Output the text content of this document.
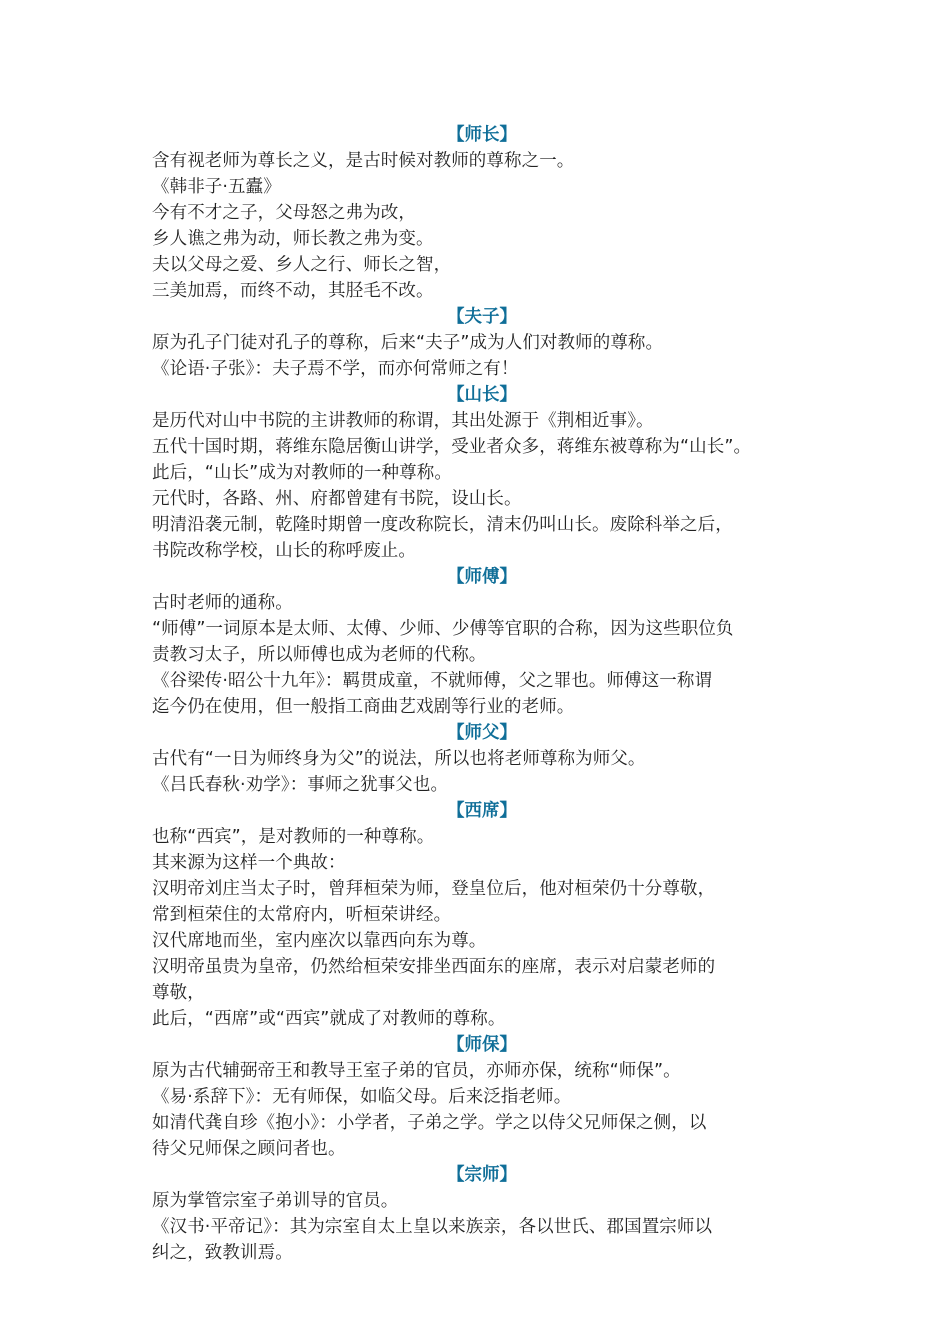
【师长】
含有视老师为尊长之义，是古时候对教师的尊称之一。
《韩非子·五蠹》
今有不才之子，父母怒之弗为改，
乡人谯之弗为动，师长教之弗为变。
夫以父母之爱、乡人之行、师长之智，
三美加焉，而终不动，其胫毛不改。
【夫子】
原为孔子门徒对孔子的尊称，后来“夫子”成为人们对教师的尊称。
《论语·子张》：夫子焉不学，而亦何常师之有！
【山长】
是历代对山中书院的主讲教师的称谓，其出处源于《荆相近事》。
五代十国时期，蒋维东隐居衡山讲学，受业者众多，蒋维东被尊称为“山长”。
此后，“山长”成为对教师的一种尊称。
元代时，各路、州、府都曾建有书院，设山长。
明清沿袭元制，乾隆时期曾一度改称院长，清末仍叫山长。废除科举之后，
书院改称学校，山长的称呼废止。
【师傅】
古时老师的通称。
“师傅”一词原本是太师、太傅、少师、少傅等官职的合称，因为这些职位负
责教习太子，所以师傅也成为老师的代称。
《谷梁传·昭公十九年》：羁贯成童，不就师傅，父之罪也。师傅这一称谓
迄今仍在使用，但一般指工商曲艺戏剧等行业的老师。
【师父】
古代有“一日为师终身为父”的说法，所以也将老师尊称为师父。
《吕氏春秋·劝学》：事师之犹事父也。
【西席】
也称“西宾”，是对教师的一种尊称。
其来源为这样一个典故：
汉明帝刘庄当太子时，曾拜桓荣为师，登皇位后，他对桓荣仍十分尊敬，
常到桓荣住的太常府内，听桓荣讲经。
汉代席地而坐，室内座次以靠西向东为尊。
汉明帝虽贵为皇帝，仍然给桓荣安排坐西面东的座席，表示对启蒙老师的
尊敬，
此后，“西席”或“西宾”就成了对教师的尊称。
【师保】
原为古代辅弼帝王和教导王室子弟的官员，亦师亦保，统称“师保”。
《易·系辞下》：无有师保，如临父母。后来泛指老师。
如清代龚自珍《抱小》：小学者，子弟之学。学之以侍父兄师保之侧，以
待父兄师保之顾问者也。
【宗师】
原为掌管宗室子弟训导的官员。
《汉书·平帝记》：其为宗室自太上皇以来族亲，各以世氏、郡国置宗师以
纠之，致教训焉。
